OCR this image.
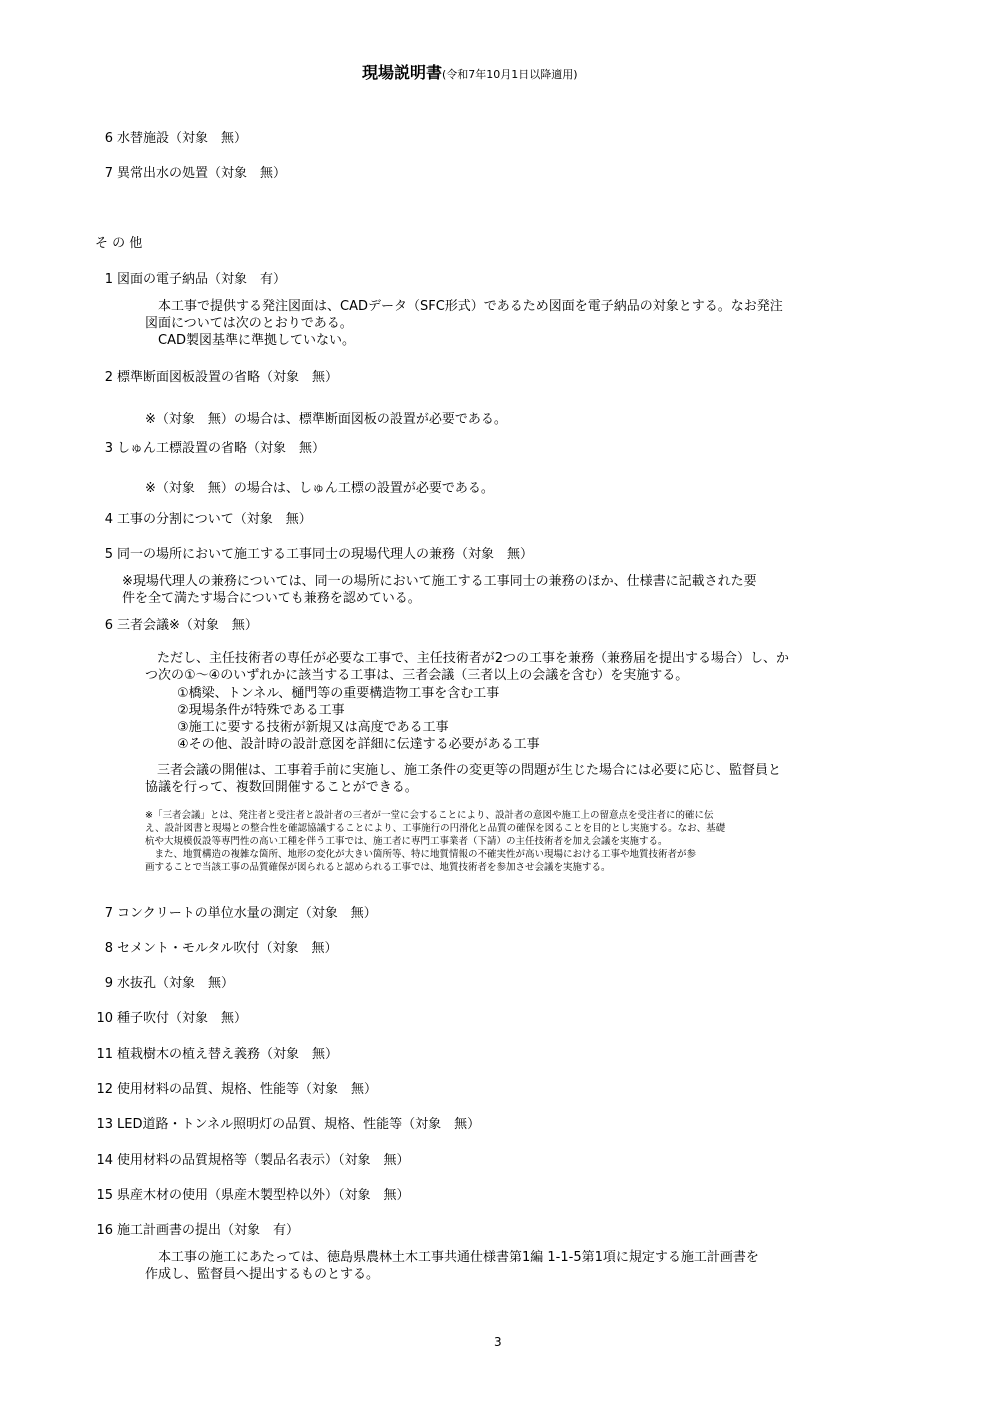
現場説明書(令和7年10月1日以降適用)
6 水替施設（対象　無）
7 異常出水の処置（対象　無）
そ の 他
1 図面の電子納品（対象　有）
　本工事で提供する発注図面は、CADデータ（SFC形式）であるため図面を電子納品の対象とする。なお発注
図面については次のとおりである。
　CAD製図基準に準拠していない。
2 標準断面図板設置の省略（対象　無）
※（対象　無）の場合は、標準断面図板の設置が必要である。
3 しゅん工標設置の省略（対象　無）
※（対象　無）の場合は、しゅん工標の設置が必要である。
4 工事の分割について（対象　無）
5 同一の場所において施工する工事同士の現場代理人の兼務（対象　無）
※現場代理人の兼務については、同一の場所において施工する工事同士の兼務のほか、仕様書に記載された要
件を全て満たす場合についても兼務を認めている。
6 三者会議※（対象　無）
ただし、主任技術者の専任が必要な工事で、主任技術者が2つの工事を兼務（兼務届を提出する場合）し、か
つ次の①～④のいずれかに該当する工事は、三者会議（三者以上の会議を含む）を実施する。
①橋梁、トンネル、樋門等の重要構造物工事を含む工事
②現場条件が特殊である工事
③施工に要する技術が新規又は高度である工事
④その他、設計時の設計意図を詳細に伝達する必要がある工事
三者会議の開催は、工事着手前に実施し、施工条件の変更等の問題が生じた場合には必要に応じ、監督員と
協議を行って、複数回開催することができる。
※「三者会議」とは、発注者と受注者と設計者の三者が一堂に会することにより、設計者の意図や施工上の留意点を受注者に的確に伝
え、設計図書と現場との整合性を確認協議することにより、工事施行の円滑化と品質の確保を図ることを目的とし実施する。なお、基礎
杭や大規模仮設等専門性の高い工種を伴う工事では、施工者に専門工事業者（下請）の主任技術者を加え会議を実施する。
　また、地質構造の複雑な箇所、地形の変化が大きい箇所等、特に地質情報の不確実性が高い現場における工事や地質技術者が参
画することで当該工事の品質確保が図られると認められる工事では、地質技術者を参加させ会議を実施する。
7 コンクリートの単位水量の測定（対象　無）
8 セメント・モルタル吹付（対象　無）
9 水抜孔（対象　無）
10 種子吹付（対象　無）
11 植栽樹木の植え替え義務（対象　無）
12 使用材料の品質、規格、性能等（対象　無）
13 LED道路・トンネル照明灯の品質、規格、性能等（対象　無）
14 使用材料の品質規格等（製品名表示）（対象　無）
15 県産木材の使用（県産木製型枠以外）（対象　無）
16 施工計画書の提出（対象　有）
　本工事の施工にあたっては、徳島県農林土木工事共通仕様書第1編 1-1-5第1項に規定する施工計画書を
作成し、監督員へ提出するものとする。
3
